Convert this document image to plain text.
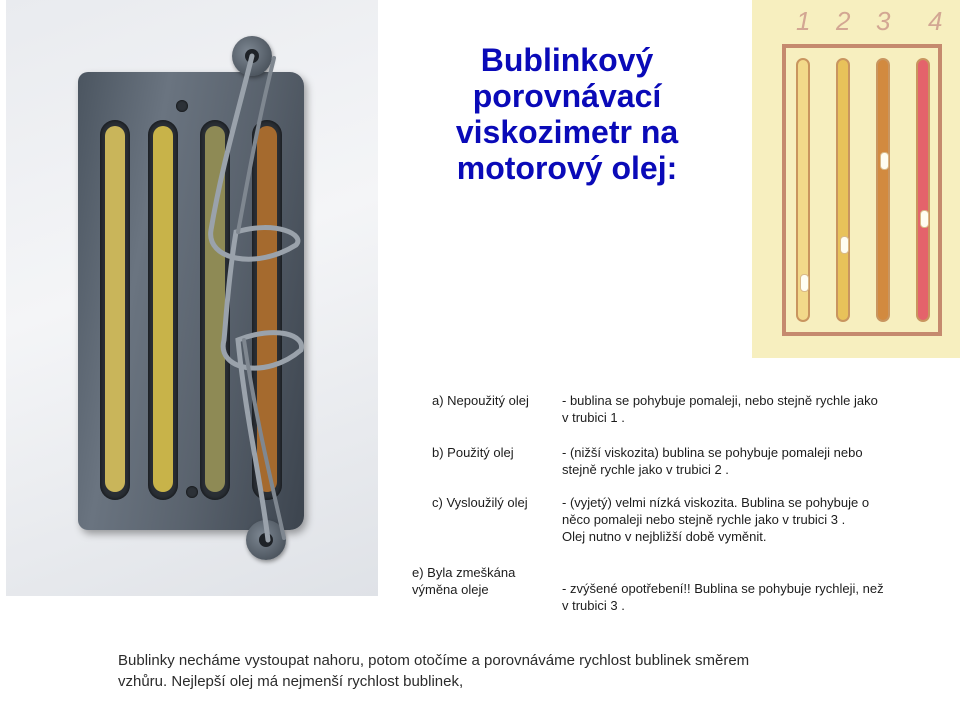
Bublinkový
porovnávací
viskozimetr na
motorový olej:
1 2 3 4
a) Nepoužitý olej	- bublina se pohybuje pomaleji, nebo stejně rychle jako
v trubici 1 .
b) Použitý olej	- (nižší viskozita) bublina se pohybuje pomaleji nebo
stejně rychle jako v trubici 2 .
c) Vysloužilý olej	- (vyjetý) velmi nízká viskozita. Bublina se pohybuje o
něco pomaleji nebo stejně rychle jako v trubici 3 .
Olej nutno v nejbližší době vyměnit.
e) Byla zmeškána
výměna oleje	- zvýšené opotřebení!! Bublina se pohybuje rychleji, než
v trubici 3 .
Bublinky necháme vystoupat nahoru, potom otočíme a porovnáváme rychlost bublinek směrem
vzhůru. Nejlepší olej má nejmenší rychlost bublinek,
